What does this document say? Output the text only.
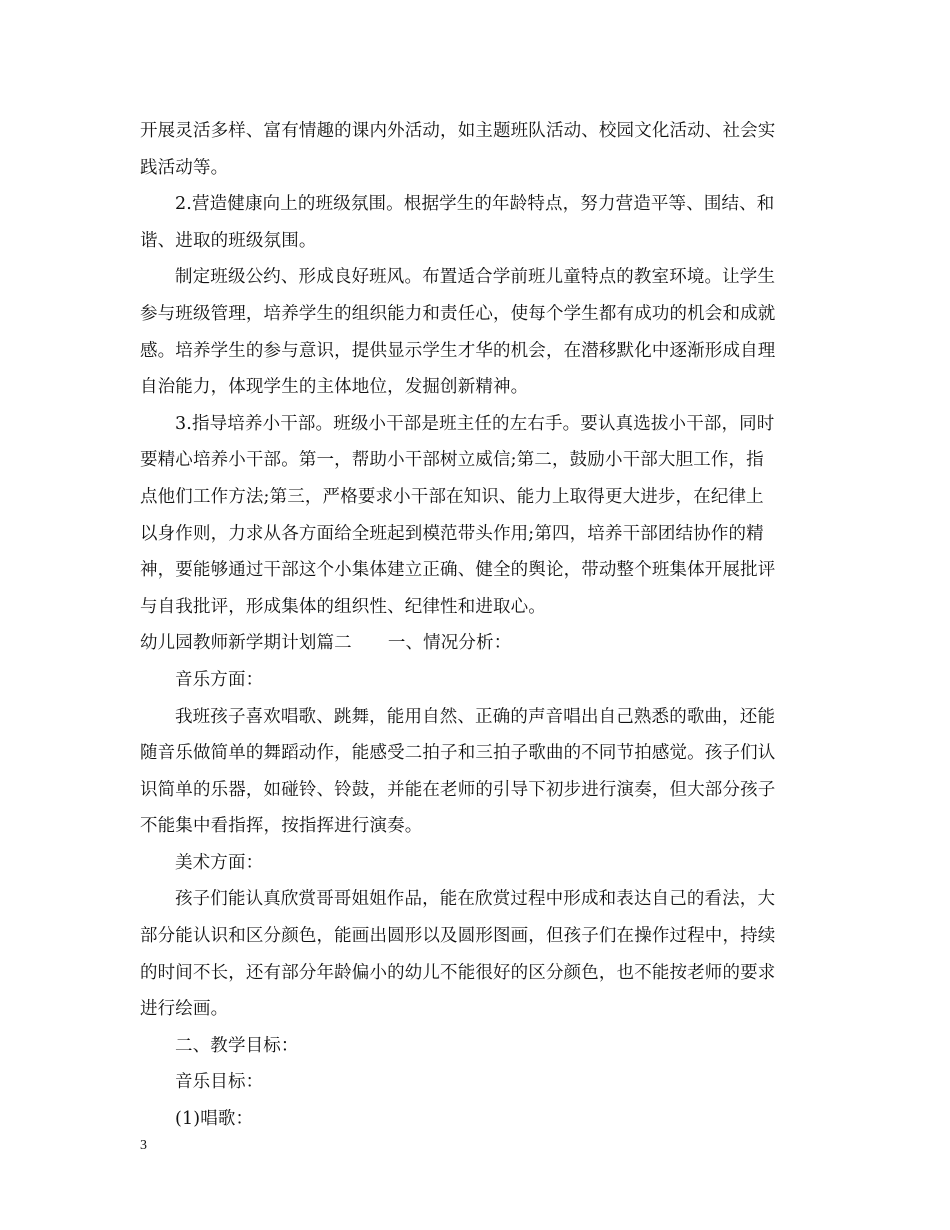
开展灵活多样、富有情趣的课内外活动，如主题班队活动、校园文化活动、社会实
践活动等。
2.营造健康向上的班级氛围。根据学生的年龄特点，努力营造平等、围结、和
谐、进取的班级氛围。
制定班级公约、形成良好班风。布置适合学前班儿童特点的教室环境。让学生
参与班级管理，培养学生的组织能力和责任心，使每个学生都有成功的机会和成就
感。培养学生的参与意识，提供显示学生才华的机会，在潜移默化中逐渐形成自理
自治能力，体现学生的主体地位，发掘创新精神。
3.指导培养小干部。班级小干部是班主任的左右手。要认真选拔小干部，同时
要精心培养小干部。第一，帮助小干部树立威信;第二，鼓励小干部大胆工作，指
点他们工作方法;第三，严格要求小干部在知识、能力上取得更大进步，在纪律上
以身作则，力求从各方面给全班起到模范带头作用;第四，培养干部团结协作的精
神，要能够通过干部这个小集体建立正确、健全的舆论，带动整个班集体开展批评
与自我批评，形成集体的组织性、纪律性和进取心。
幼儿园教师新学期计划篇二 一、情况分析：
音乐方面：
我班孩子喜欢唱歌、跳舞，能用自然、正确的声音唱出自己熟悉的歌曲，还能
随音乐做简单的舞蹈动作，能感受二拍子和三拍子歌曲的不同节拍感觉。孩子们认
识简单的乐器，如碰铃、铃鼓，并能在老师的引导下初步进行演奏，但大部分孩子
不能集中看指挥，按指挥进行演奏。
美术方面：
孩子们能认真欣赏哥哥姐姐作品，能在欣赏过程中形成和表达自己的看法，大
部分能认识和区分颜色，能画出圆形以及圆形图画，但孩子们在操作过程中，持续
的时间不长，还有部分年龄偏小的幼儿不能很好的区分颜色，也不能按老师的要求
进行绘画。
二、教学目标：
音乐目标：
(1)唱歌：
3
